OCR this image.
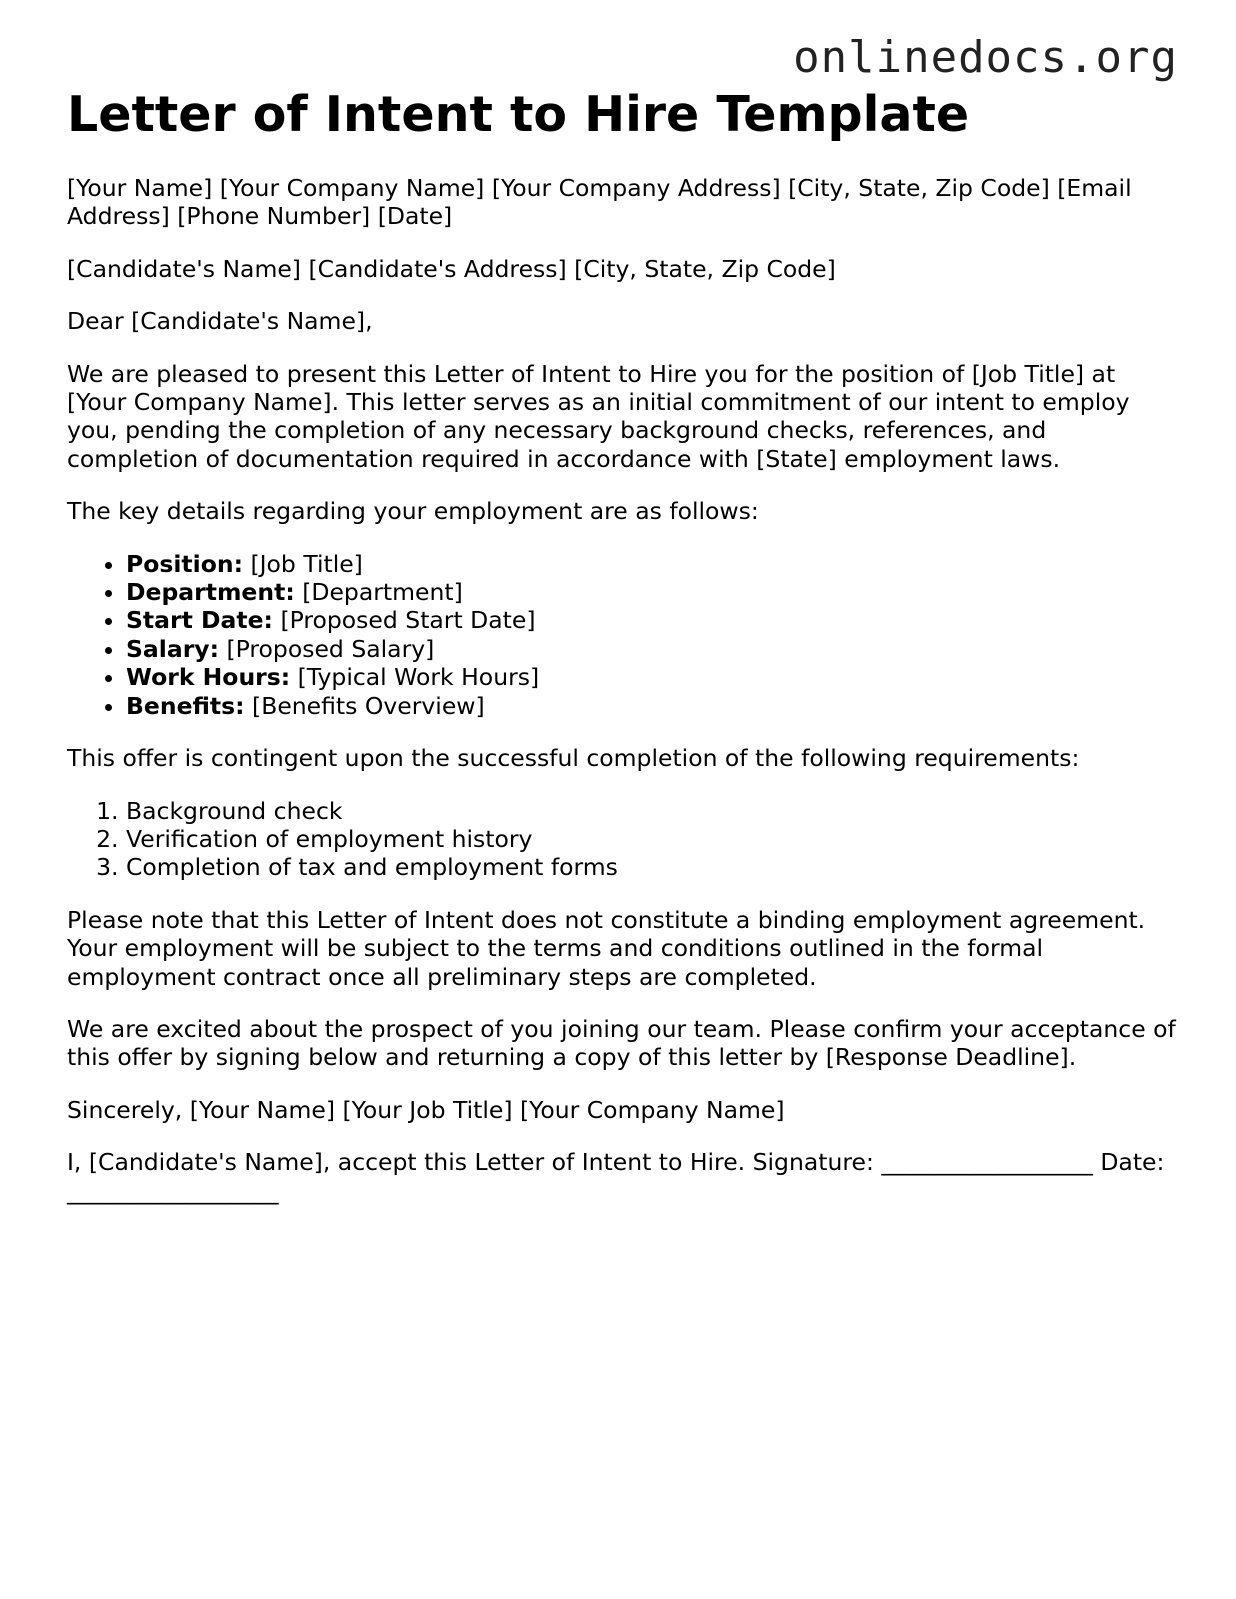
onlinedocs.org
Letter of Intent to Hire Template

[Your Name] [Your Company Name] [Your Company Address] [City, State, Zip Code] [Email Address] [Phone Number] [Date]

[Candidate's Name] [Candidate's Address] [City, State, Zip Code]

Dear [Candidate's Name],

We are pleased to present this Letter of Intent to Hire you for the position of [Job Title] at [Your Company Name]. This letter serves as an initial commitment of our intent to employ you, pending the completion of any necessary background checks, references, and completion of documentation required in accordance with [State] employment laws.

The key details regarding your employment are as follows:

• Position: [Job Title]
• Department: [Department]
• Start Date: [Proposed Start Date]
• Salary: [Proposed Salary]
• Work Hours: [Typical Work Hours]
• Benefits: [Benefits Overview]

This offer is contingent upon the successful completion of the following requirements:

1. Background check
2. Verification of employment history
3. Completion of tax and employment forms

Please note that this Letter of Intent does not constitute a binding employment agreement. Your employment will be subject to the terms and conditions outlined in the formal employment contract once all preliminary steps are completed.

We are excited about the prospect of you joining our team. Please confirm your acceptance of this offer by signing below and returning a copy of this letter by [Response Deadline].

Sincerely, [Your Name] [Your Job Title] [Your Company Name]

I, [Candidate's Name], accept this Letter of Intent to Hire. Signature: __________________ Date: __________________
